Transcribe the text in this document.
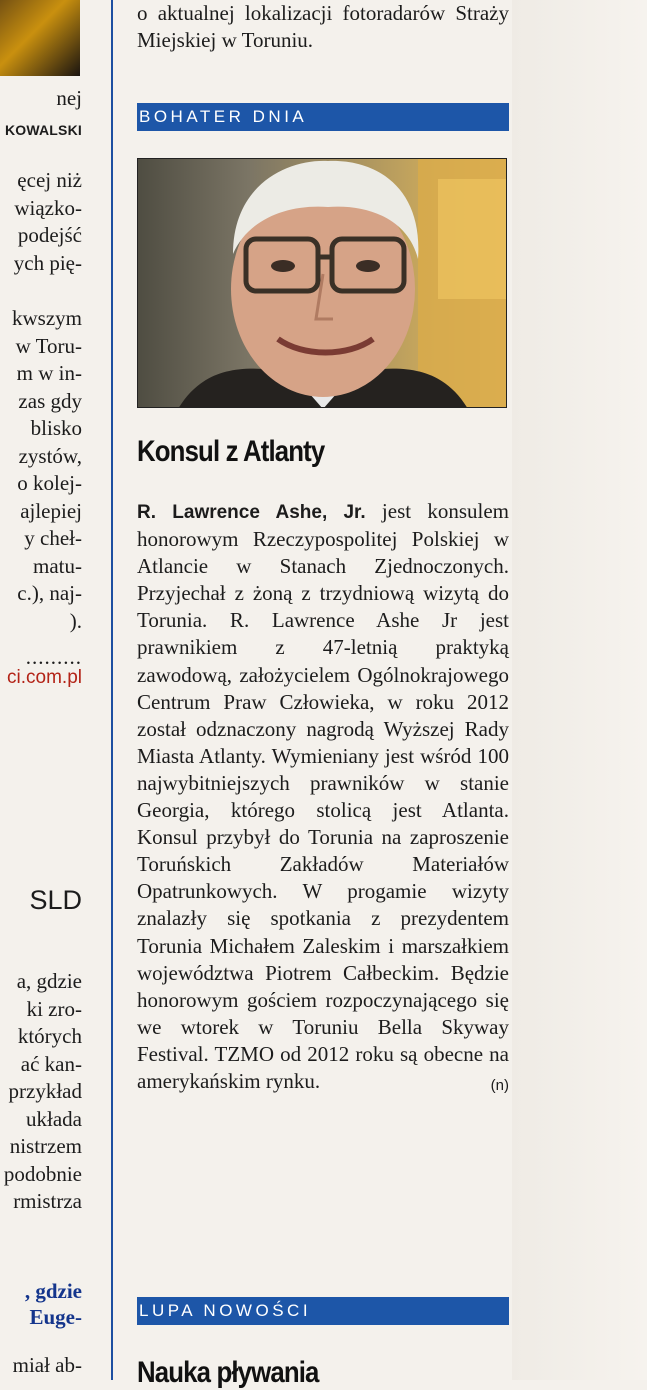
nej
KOWALSKI
ęcej niż
wiązko-
podejść
ych pię-
kwszym
w Toru-
m w in-
zas gdy
blisko
zystów,
o kolej-
ajlepiej
y cheł-
matu-
c.), naj-
).
.........
ci.com.pl
SLD
a, gdzie
ki zro-
których
ać kan-
przykład
układa
nistrzem
podobnie
rmistrza
, gdzie
Euge-
miał ab-
o aktualnej lokalizacji fotoradarów Straży Miejskiej w Toruniu.
BOHATER DNIA
Konsul z Atlanty
R. Lawrence Ashe, Jr. jest konsulem honorowym Rzeczypospolitej Polskiej w Atlancie w Stanach Zjednoczonych. Przyjechał z żoną z trzydniową wizytą do Torunia. R. Lawrence Ashe Jr jest prawnikiem z 47-letnią praktyką zawodową, założycielem Ogólnokrajowego Centrum Praw Człowieka, w roku 2012 został odznaczony nagrodą Wyższej Rady Miasta Atlanty. Wymieniany jest wśród 100 najwybitniejszych prawników w stanie Georgia, którego stolicą jest Atlanta. Konsul przybył do Torunia na zaproszenie Toruńskich Zakładów Materiałów Opatrunkowych. W progamie wizyty znalazły się spotkania z prezydentem Torunia Michałem Zaleskim i marszałkiem województwa Piotrem Całbeckim. Będzie honorowym gościem rozpoczynającego się we wtorek w Toruniu Bella Skyway Festival. TZMO od 2012 roku są obecne na amerykańskim rynku.	(n)
LUPA NOWOŚCI
Nauka pływania
